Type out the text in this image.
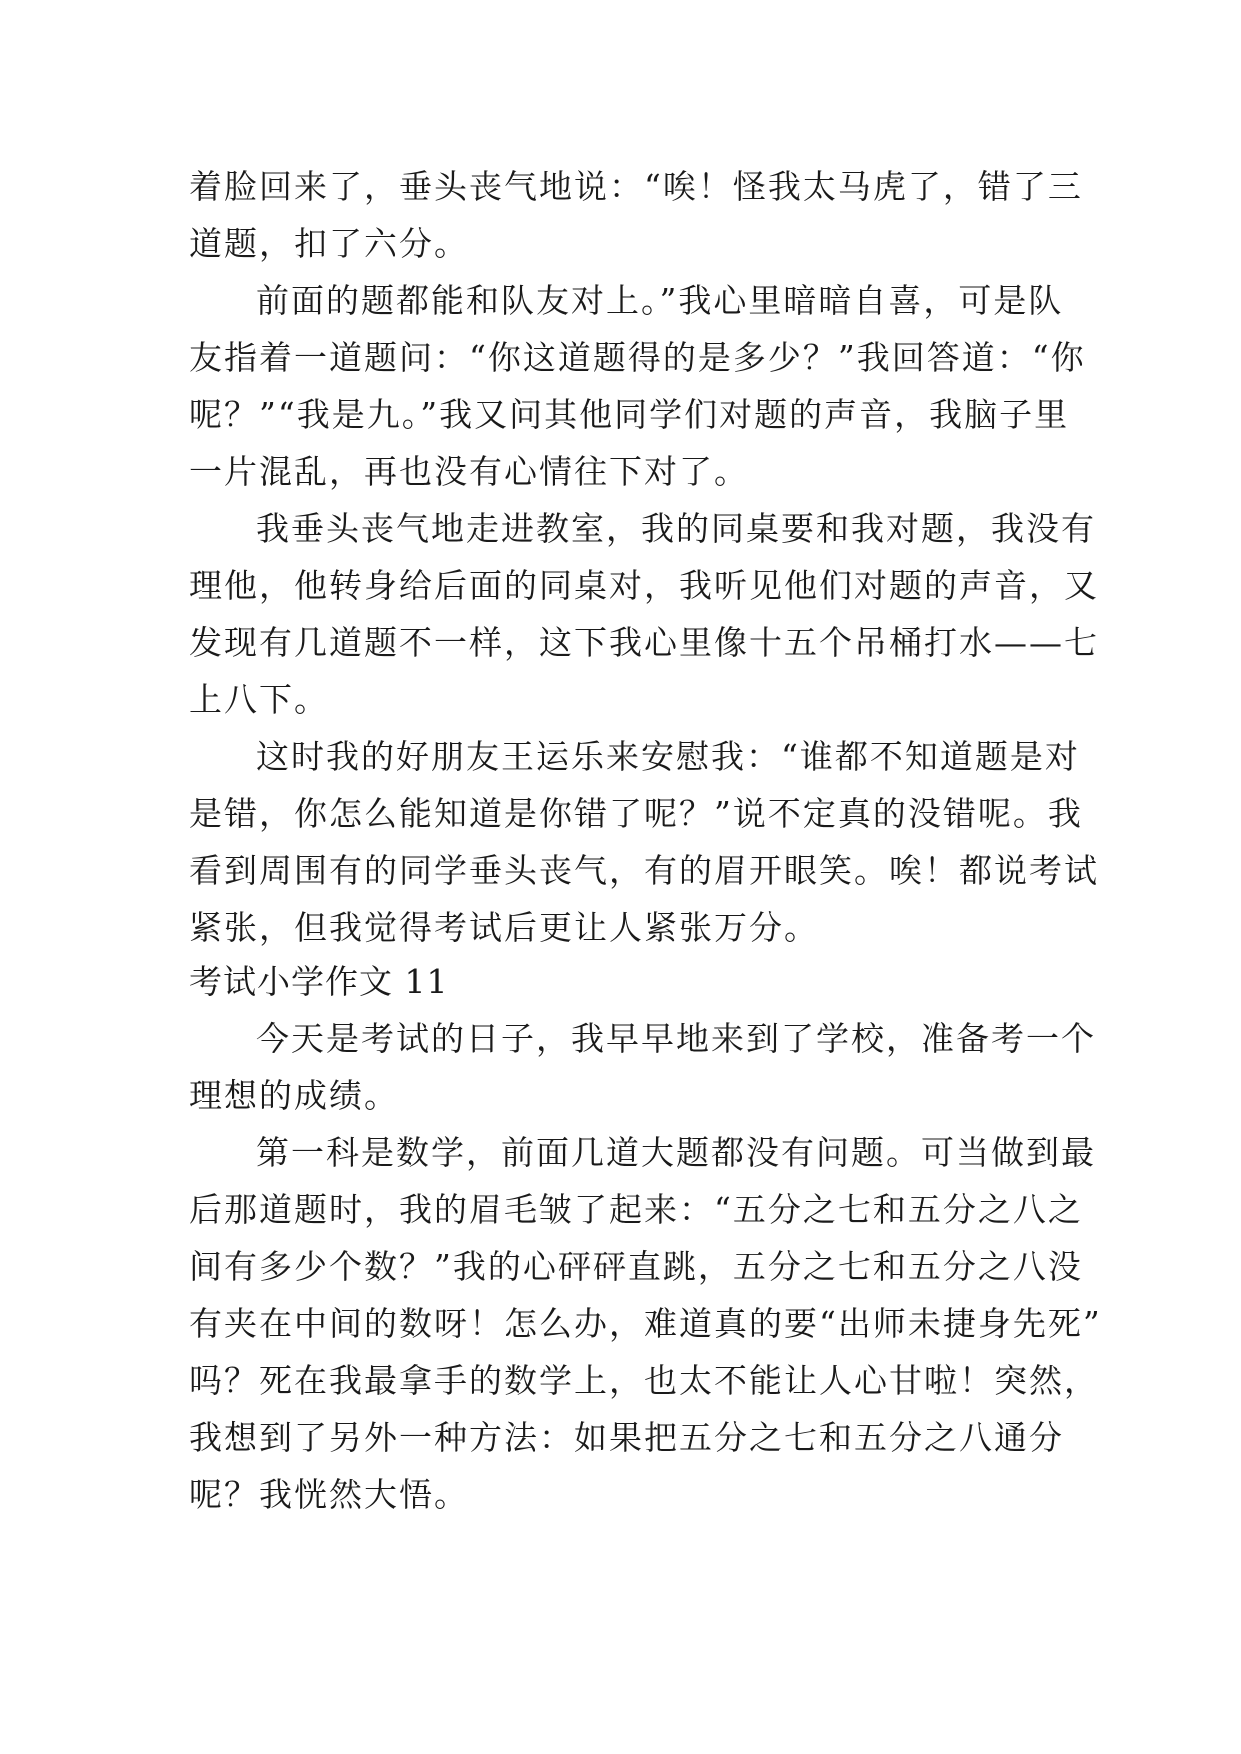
着脸回来了，垂头丧气地说：“唉！怪我太马虎了，错了三
道题，扣了六分。
前面的题都能和队友对上。”我心里暗暗自喜，可是队
友指着一道题问：“你这道题得的是多少？”我回答道：“你
呢？”“我是九。”我又问其他同学们对题的声音，我脑子里
一片混乱，再也没有心情往下对了。
我垂头丧气地走进教室，我的同桌要和我对题，我没有
理他，他转身给后面的同桌对，我听见他们对题的声音，又
发现有几道题不一样，这下我心里像十五个吊桶打水——七
上八下。
这时我的好朋友王运乐来安慰我：“谁都不知道题是对
是错，你怎么能知道是你错了呢？”说不定真的没错呢。我
看到周围有的同学垂头丧气，有的眉开眼笑。唉！都说考试
紧张，但我觉得考试后更让人紧张万分。
考试小学作文 11
今天是考试的日子，我早早地来到了学校，准备考一个
理想的成绩。
第一科是数学，前面几道大题都没有问题。可当做到最
后那道题时，我的眉毛皱了起来：“五分之七和五分之八之
间有多少个数？”我的心砰砰直跳，五分之七和五分之八没
有夹在中间的数呀！怎么办，难道真的要“出师未捷身先死”
吗？死在我最拿手的数学上，也太不能让人心甘啦！突然，
我想到了另外一种方法：如果把五分之七和五分之八通分
呢？我恍然大悟。
